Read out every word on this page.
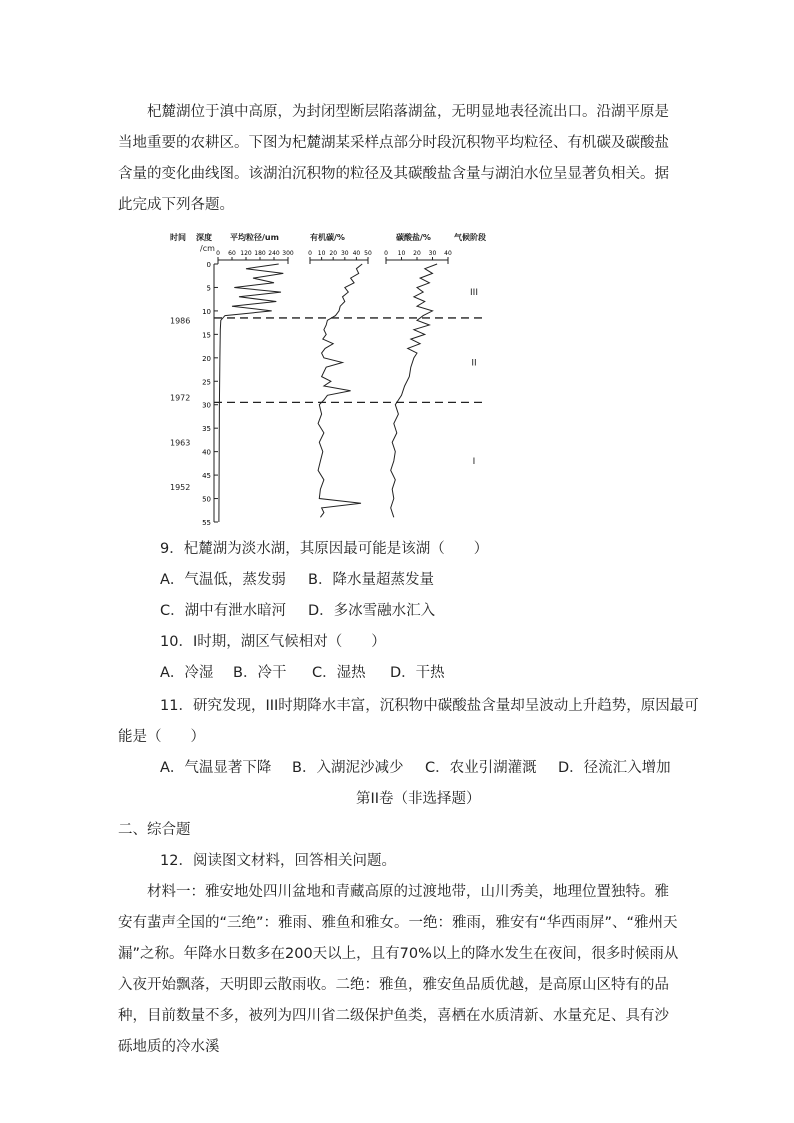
杞麓湖位于滇中高原，为封闭型断层陷落湖盆，无明显地表径流出口。沿湖平原是当地重要的农耕区。下图为杞麓湖某采样点部分时段沉积物平均粒径、有机碳及碳酸盐含量的变化曲线图。该湖泊沉积物的粒径及其碳酸盐含量与湖泊水位呈显著负相关。据此完成下列各题。

时间 深度
/cm
平均粒径/um	有机碳/%	碳酸盐/%	气候阶段
0
5
10
15
20
25
30
35
40
45
50
55
0 60 120 180 240 300 0 10 20 30 40 50 0 10 20 30 40
1986
1972
1963
1952
III
II
I
9．杞麓湖为淡水湖，其原因最可能是该湖（　　）
A．气温低，蒸发弱 B．降水量超蒸发量
C．湖中有泄水暗河 D．多冰雪融水汇入
10．I时期，湖区气候相对（　　）
A．冷湿 B．冷干 C．湿热 D．干热
11．研究发现，III时期降水丰富，沉积物中碳酸盐含量却呈波动上升趋势，原因最可
能是（　　）
A．气温显著下降 B．入湖泥沙减少 C．农业引湖灌溉 D．径流汇入增加
第II卷（非选择题）
二、综合题
12．阅读图文材料，回答相关问题。

材料一：雅安地处四川盆地和青藏高原的过渡地带，山川秀美，地理位置独特。雅安有蜚声全国的“三绝”：雅雨、雅鱼和雅女。一绝：雅雨，雅安有“华西雨屏”、“雅州天漏”之称。年降水日数多在200天以上，且有70%以上的降水发生在夜间，很多时候雨从入夜开始飘落，天明即云散雨收。二绝：雅鱼，雅安鱼品质优越，是高原山区特有的品种，目前数量不多，被列为四川省二级保护鱼类，喜栖在水质清新、水量充足、具有沙砾地质的冷水溪
